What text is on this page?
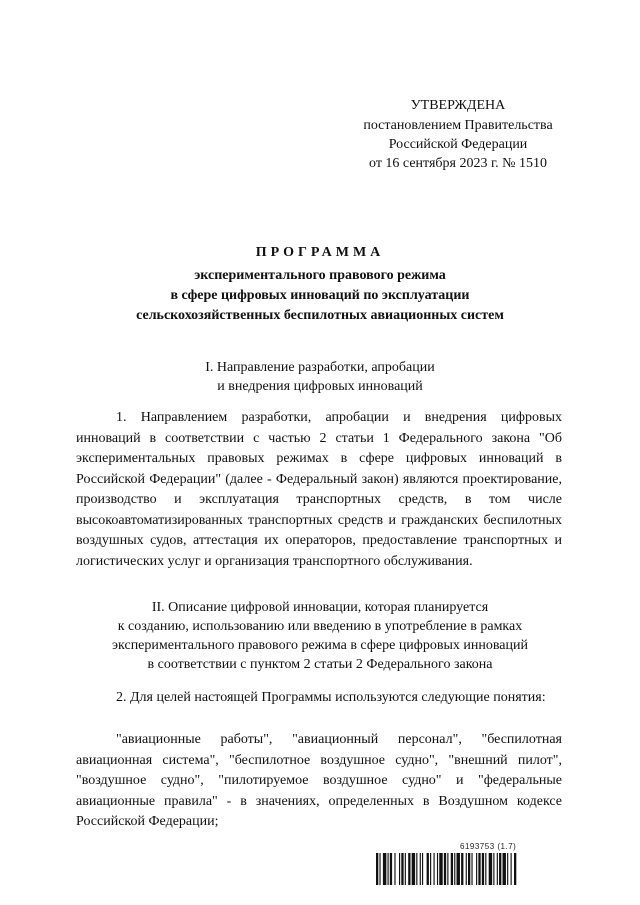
УТВЕРЖДЕНА
постановлением Правительства
Российской Федерации
от 16 сентября 2023 г. № 1510
ПРОГРАММА
экспериментального правового режима
в сфере цифровых инноваций по эксплуатации
сельскохозяйственных беспилотных авиационных систем
I. Направление разработки, апробации
и внедрения цифровых инноваций
1. Направлением разработки, апробации и внедрения цифровых инноваций в соответствии с частью 2 статьи 1 Федерального закона "Об экспериментальных правовых режимах в сфере цифровых инноваций в Российской Федерации" (далее - Федеральный закон) являются проектирование, производство и эксплуатация транспортных средств, в том числе высокоавтоматизированных транспортных средств и гражданских беспилотных воздушных судов, аттестация их операторов, предоставление транспортных и логистических услуг и организация транспортного обслуживания.
II. Описание цифровой инновации, которая планируется
к созданию, использованию или введению в употребление в рамках
экспериментального правового режима в сфере цифровых инноваций
в соответствии с пунктом 2 статьи 2 Федерального закона
2. Для целей настоящей Программы используются следующие понятия:
"авиационные работы", "авиационный персонал", "беспилотная авиационная система", "беспилотное воздушное судно", "внешний пилот", "воздушное судно", "пилотируемое воздушное судно" и "федеральные авиационные правила" - в значениях, определенных в Воздушном кодексе Российской Федерации;
6193753 (1.7)
